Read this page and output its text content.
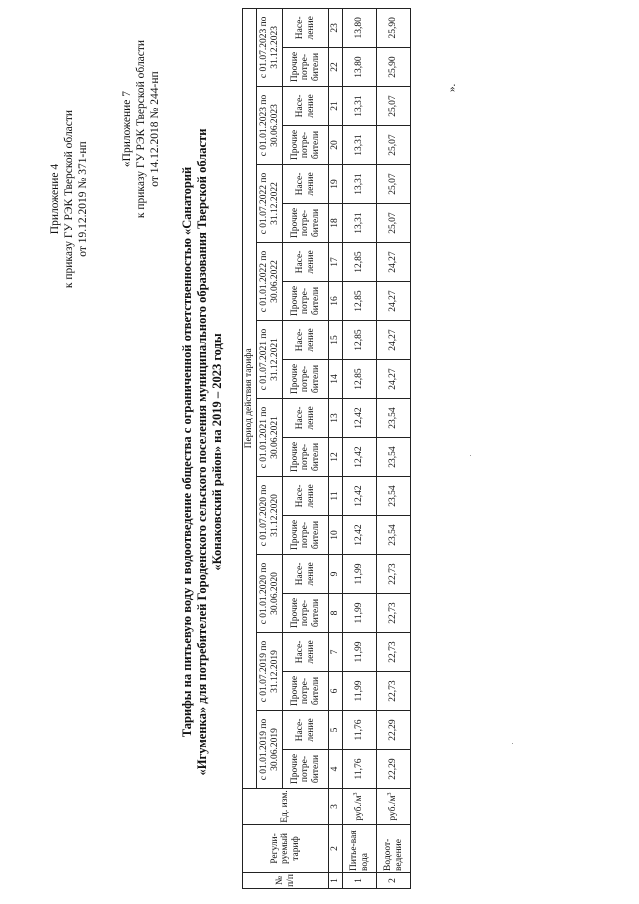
Приложение 4 к приказу ГУ РЭК Тверской области от 19.12.2019 № 371-нп
«Приложение 7 к приказу ГУ РЭК Тверской области от 14.12.2018 № 244-нп
Тарифы на питьевую воду и водоотведение общества с ограниченной ответственностью «Санаторий «Игуменка» для потребителей Городенского сельского поселения муниципального образования Тверской области «Конаковский район» на 2019 – 2023 годы
№ п/п	Регули-руемый тариф	Ед. изм.	Период действия тарифа																			
			с 01.01.2019 по 30.06.2019		с 01.07.2019 по 31.12.2019		с 01.01.2020 по 30.06.2020		с 01.07.2020 по 31.12.2020		с 01.01.2021 по 30.06.2021		с 01.07.2021 по 31.12.2021		с 01.01.2022 по 30.06.2022		с 01.07.2022 по 31.12.2022		с 01.01.2023 по 30.06.2023		с 01.07.2023 по 31.12.2023	
			Прочие потре-бители	Насе-ление	Прочие потре-бители	Насе-ление	Прочие потре-бители	Насе-ление	Прочие потре-бители	Насе-ление	Прочие потре-бители	Насе-ление	Прочие потре-бители	Насе-ление	Прочие потре-бители	Насе-ление	Прочие потре-бители	Насе-ление	Прочие потре-бители	Насе-ление	Прочие потре-бители	Насе-ление
1	2	3	4	5	6	7	8	9	10	11	12	13	14	15	16	17	18	19	20	21	22	23
1	Питье-вая вода	$руб./м^3$	11,76	11,76	11,99	11,99	11,99	11,99	12,42	12,42	12,42	12,42	12,85	12,85	12,85	12,85	13,31	13,31	13,31	13,31	13,80	13,80
2	Водоот-ведение	$руб./м^3$	22,29	22,29	22,73	22,73	22,73	22,73	23,54	23,54	23,54	23,54	24,27	24,27	24,27	24,27	25,07	25,07	25,07	25,07	25,90	25,90
».
